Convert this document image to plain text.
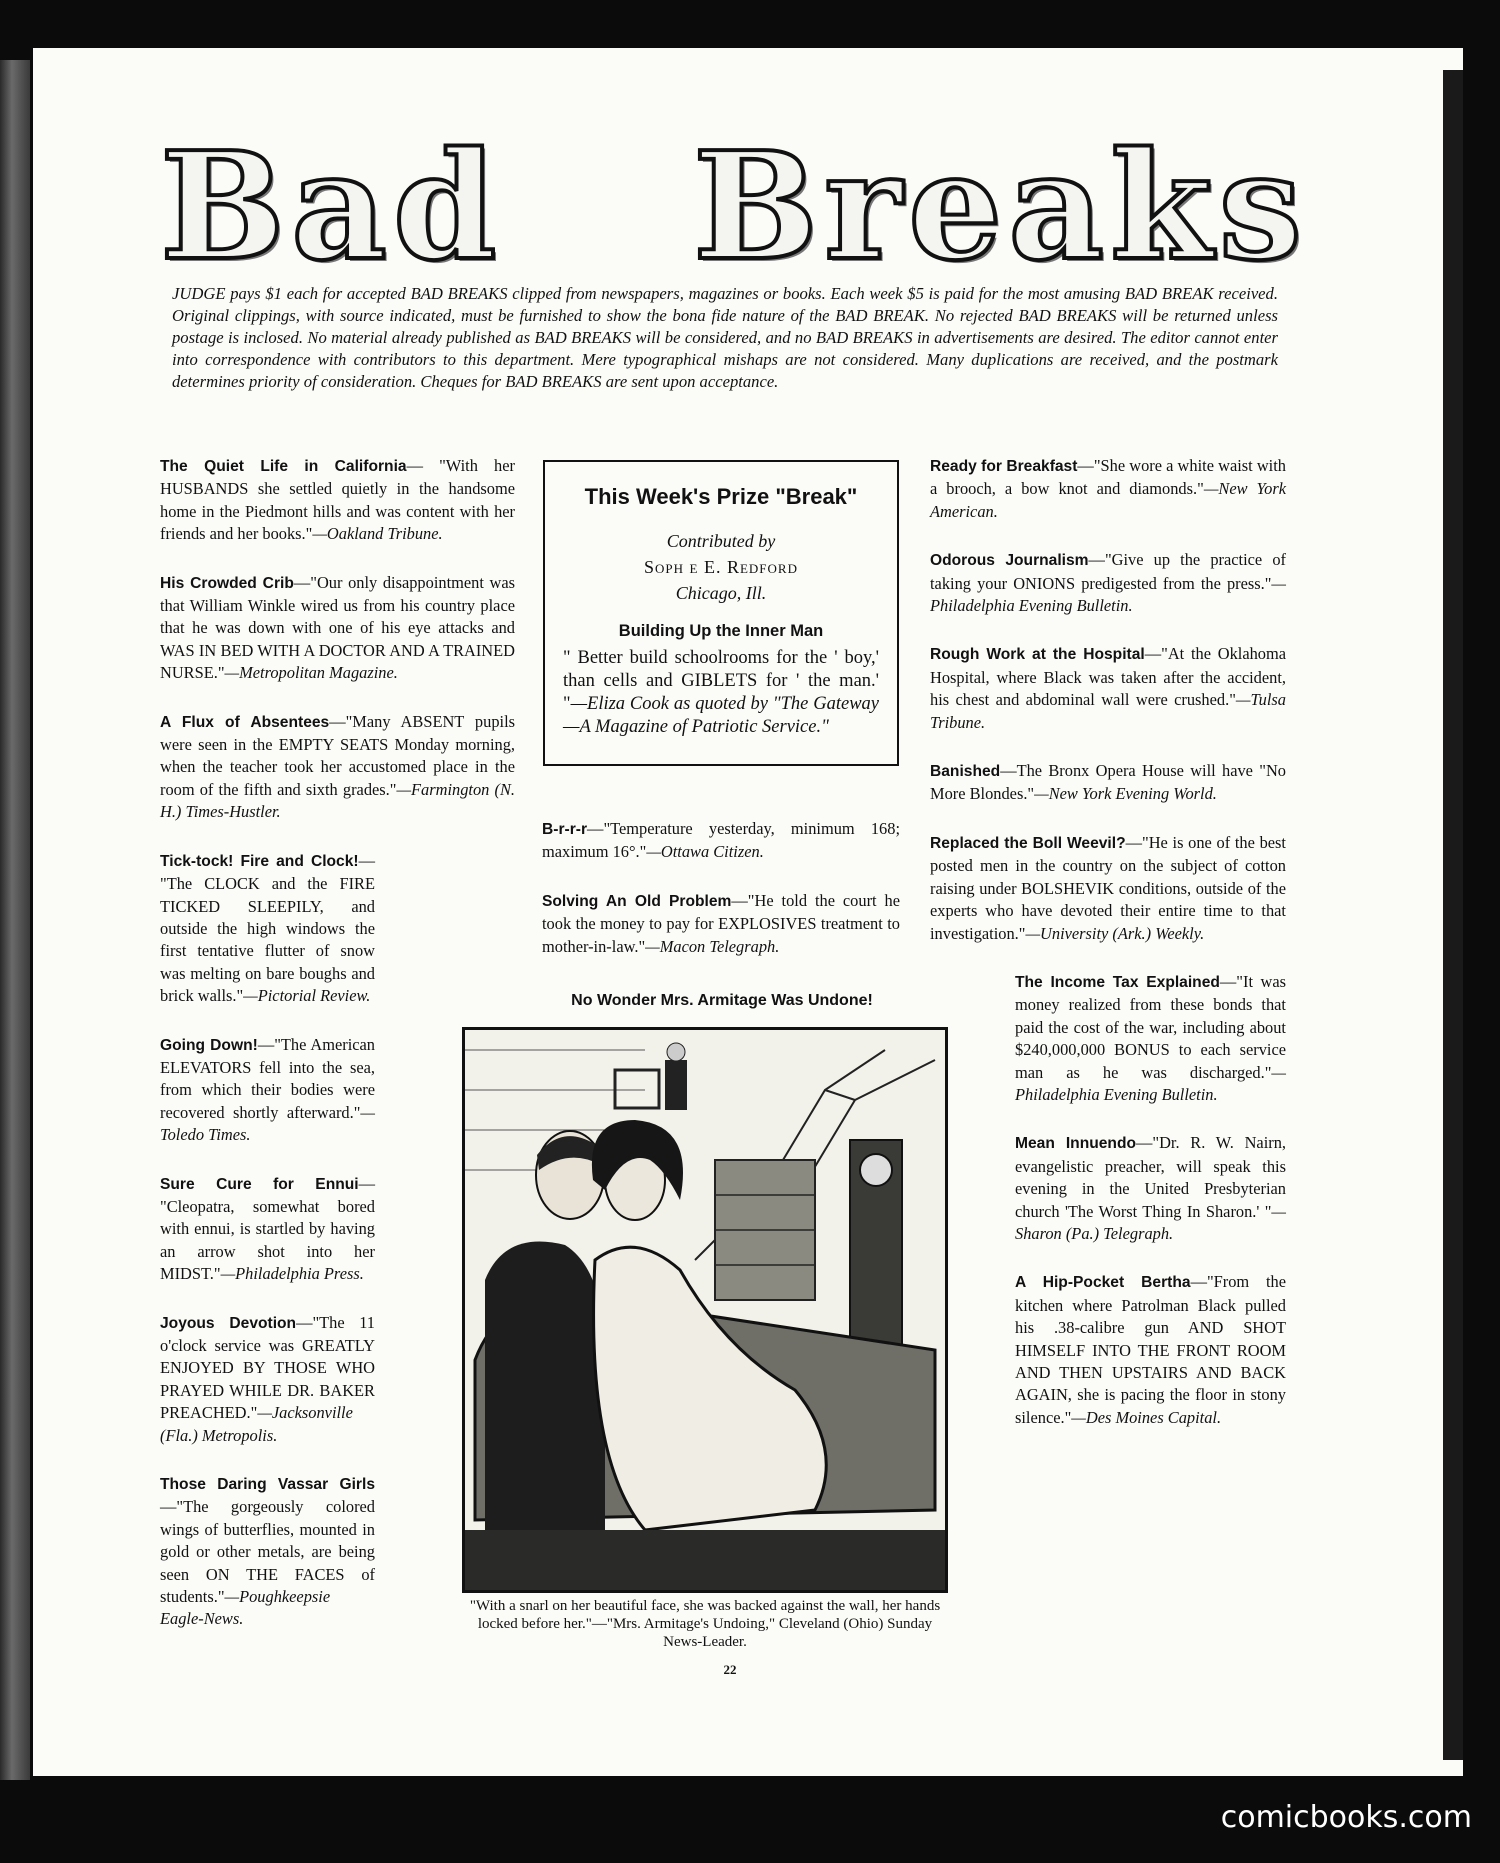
Bad Breaks
JUDGE pays $1 each for accepted BAD BREAKS clipped from newspapers, magazines or books. Each week $5 is paid for the most amusing BAD BREAK received. Original clippings, with source indicated, must be furnished to show the bona fide nature of the BAD BREAK. No rejected BAD BREAKS will be returned unless postage is inclosed. No material already published as BAD BREAKS will be considered, and no BAD BREAKS in advertisements are desired. The editor cannot enter into correspondence with contributors to this department. Mere typographical mishaps are not considered. Many duplications are received, and the postmark determines priority of consideration. Cheques for BAD BREAKS are sent upon acceptance.

The Quiet Life in California— "With her HUSBANDS she settled quietly in the handsome home in the Piedmont hills and was content with her friends and her books."—Oakland Tribune.

His Crowded Crib—"Our only disappointment was that William Winkle wired us from his country place that he was down with one of his eye attacks and WAS IN BED WITH A DOCTOR AND A TRAINED NURSE."—Metropolitan Magazine.

A Flux of Absentees—"Many ABSENT pupils were seen in the EMPTY SEATS Monday morning, when the teacher took her accustomed place in the room of the fifth and sixth grades."—Farmington (N. H.) Times-Hustler.

Tick-tock! Fire and Clock!— "The CLOCK and the FIRE TICKED SLEEPILY, and outside the high windows the first tentative flutter of snow was melting on bare boughs and brick walls."—Pictorial Review.

Going Down!—"The American ELEVATORS fell into the sea, from which their bodies were recovered shortly afterward."—Toledo Times.

Sure Cure for Ennui— "Cleopatra, somewhat bored with ennui, is startled by having an arrow shot into her MIDST."—Philadelphia Press.

Joyous Devotion—"The 11 o'clock service was GREATLY ENJOYED BY THOSE WHO PRAYED WHILE DR. BAKER PREACHED."—Jacksonville (Fla.) Metropolis.

Those Daring Vassar Girls—"The gorgeously colored wings of butterflies, mounted in gold or other metals, are being seen ON THE FACES of students."—Poughkeepsie Eagle-News.

This Week's Prize "Break"
Contributed by
Soph e E. Redford
Chicago, Ill.
Building Up the Inner Man
" Better build schoolrooms for the ' boy,' than cells and GIBLETS for ' the man.' "—Eliza Cook as quoted by "The Gateway—A Magazine of Patriotic Service."

B-r-r-r—"Temperature yesterday, minimum 168; maximum 16°."—Ottawa Citizen.

Solving An Old Problem—"He told the court he took the money to pay for EXPLOSIVES treatment to mother-in-law."—Macon Telegraph.

No Wonder Mrs. Armitage Was Undone!
"With a snarl on her beautiful face, she was backed against the wall, her hands locked before her."—"Mrs. Armitage's Undoing," Cleveland (Ohio) Sunday News-Leader.

Ready for Breakfast—"She wore a white waist with a brooch, a bow knot and diamonds."—New York American.

Odorous Journalism—"Give up the practice of taking your ONIONS predigested from the press."—Philadelphia Evening Bulletin.

Rough Work at the Hospital—"At the Oklahoma Hospital, where Black was taken after the accident, his chest and abdominal wall were crushed."—Tulsa Tribune.

Banished—The Bronx Opera House will have "No More Blondes."—New York Evening World.

Replaced the Boll Weevil?—"He is one of the best posted men in the country on the subject of cotton raising under BOLSHEVIK conditions, outside of the experts who have devoted their entire time to that investigation."—University (Ark.) Weekly.

The Income Tax Explained—"It was money realized from these bonds that paid the cost of the war, including about $240,000,000 BONUS to each service man as he was discharged."—Philadelphia Evening Bulletin.

Mean Innuendo—"Dr. R. W. Nairn, evangelistic preacher, will speak this evening in the United Presbyterian church 'The Worst Thing In Sharon.' "—Sharon (Pa.) Telegraph.

A Hip-Pocket Bertha—"From the kitchen where Patrolman Black pulled his .38-calibre gun AND SHOT HIMSELF INTO THE FRONT ROOM AND THEN UPSTAIRS AND BACK AGAIN, she is pacing the floor in stony silence."—Des Moines Capital.

22
comicbooks.com
